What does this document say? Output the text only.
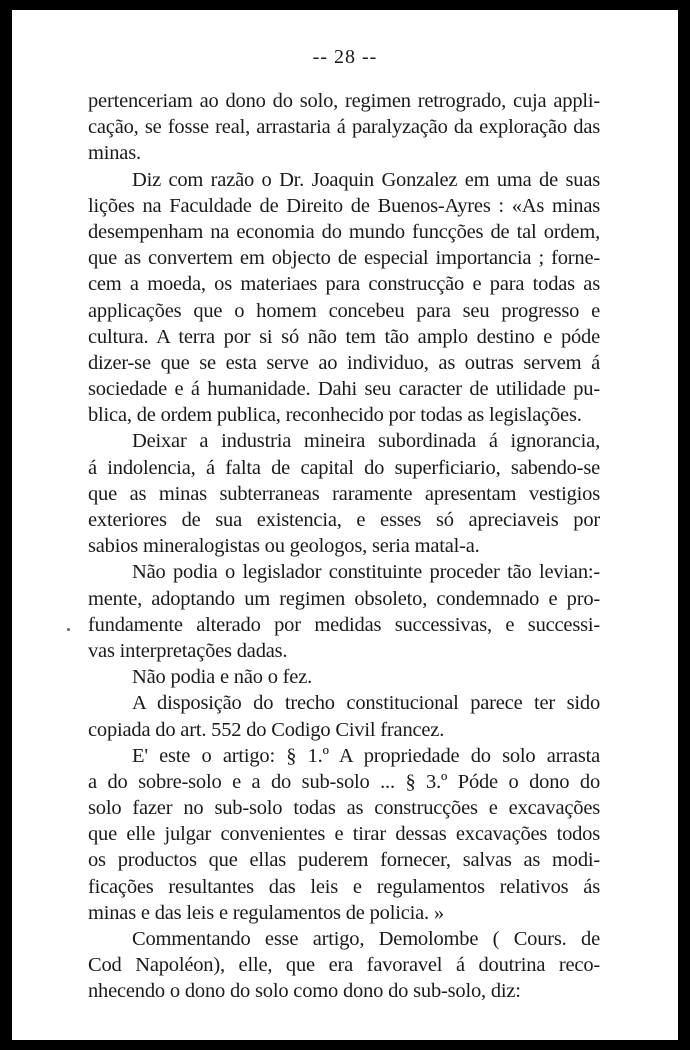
-- 28 --
pertenceriam ao dono do solo, regimen retrogrado, cuja appli-
cação, se fosse real, arrastaria á paralyzação da exploração das
minas.
Diz com razão o Dr. Joaquin Gonzalez em uma de suas
lições na Faculdade de Direito de Buenos-Ayres : «As minas
desempenham na economia do mundo funcções de tal ordem,
que as convertem em objecto de especial importancia ; forne-
cem a moeda, os materiaes para construcção e para todas as
applicações que o homem concebeu para seu progresso e
cultura. A terra por si só não tem tão amplo destino e póde
dizer-se que se esta serve ao individuo, as outras servem á
sociedade e á humanidade. Dahi seu caracter de utilidade pu-
blica, de ordem publica, reconhecido por todas as legislações.
Deixar a industria mineira subordinada á ignorancia,
á indolencia, á falta de capital do superficiario, sabendo-se
que as minas subterraneas raramente apresentam vestigios
exteriores de sua existencia, e esses só apreciaveis por
sabios mineralogistas ou geologos, seria matal-a.
Não podia o legislador constituinte proceder tão levian:-
mente, adoptando um regimen obsoleto, condemnado e pro-
fundamente alterado por medidas successivas, e successi-
vas interpretações dadas.
Não podia e não o fez.
A disposição do trecho constitucional parece ter sido
copiada do art. 552 do Codigo Civil francez.
E' este o artigo: § 1.º A propriedade do solo arrasta
a do sobre-solo e a do sub-solo ... § 3.º Póde o dono do
solo fazer no sub-solo todas as construcções e excavações
que elle julgar convenientes e tirar dessas excavações todos
os productos que ellas puderem fornecer, salvas as modi-
ficações resultantes das leis e regulamentos relativos ás
minas e das leis e regulamentos de policia. »
Commentando esse artigo, Demolombe ( Cours. de
Cod Napoléon), elle, que era favoravel á doutrina reco-
nhecendo o dono do solo como dono do sub-solo, diz:
